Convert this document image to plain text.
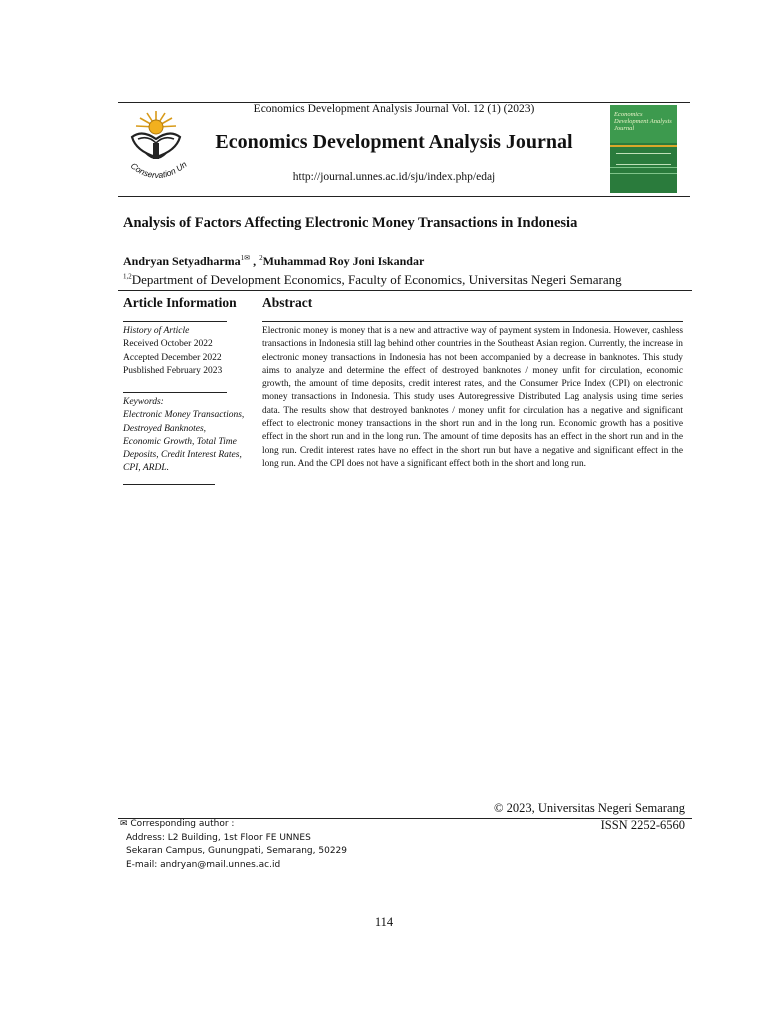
Economics Development Analysis Journal Vol. 12 (1) (2023)
Conservation Un
Economics Development Analysis Journal
http://journal.unnes.ac.id/sju/index.php/edaj
Economics Development Analysis Journal
Analysis of Factors Affecting Electronic Money Transactions in Indonesia
Andryan Setyadharma$^{1✉}$ , $^2$Muhammad Roy Joni Iskandar
$^{1,2}$Department of Development Economics, Faculty of Economics, Universitas Negeri Semarang
Article Information Abstract
History of Article
Received October 2022
Accepted December 2022
Pusblished February 2023
Keywords:
Electronic Money Transactions,
Destroyed Banknotes,
Economic Growth, Total Time
Deposits, Credit Interest Rates,
CPI, ARDL.
Electronic money is money that is a new and attractive way of payment system in Indonesia. However, cashless transactions in Indonesia still lag behind other countries in the Southeast Asian region. Currently, the increase in electronic money transactions in Indonesia has not been accompanied by a decrease in banknotes. This study aims to analyze and determine the effect of destroyed banknotes / money unfit for circulation, economic growth, the amount of time deposits, credit interest rates, and the Consumer Price Index (CPI) on electronic money transactions in Indonesia. This study uses Autoregressive Distributed Lag analysis using time series data. The results show that destroyed banknotes / money unfit for circulation has a negative and significant effect to electronic money transactions in the short run and in the long run. Economic growth has a positive effect in the short run and in the long run. The amount of time deposits has an effect in the short run and in the long run. Credit interest rates have no effect in the short run but have a negative and significant effect in the long run. And the CPI does not have a significant effect both in the short and long run.
© 2023, Universitas Negeri Semarang
ISSN 2252-6560
✉ Corresponding author :
Address: L2 Building, 1st Floor FE UNNES
Sekaran Campus, Gunungpati, Semarang, 50229
E-mail: andryan@mail.unnes.ac.id
114
